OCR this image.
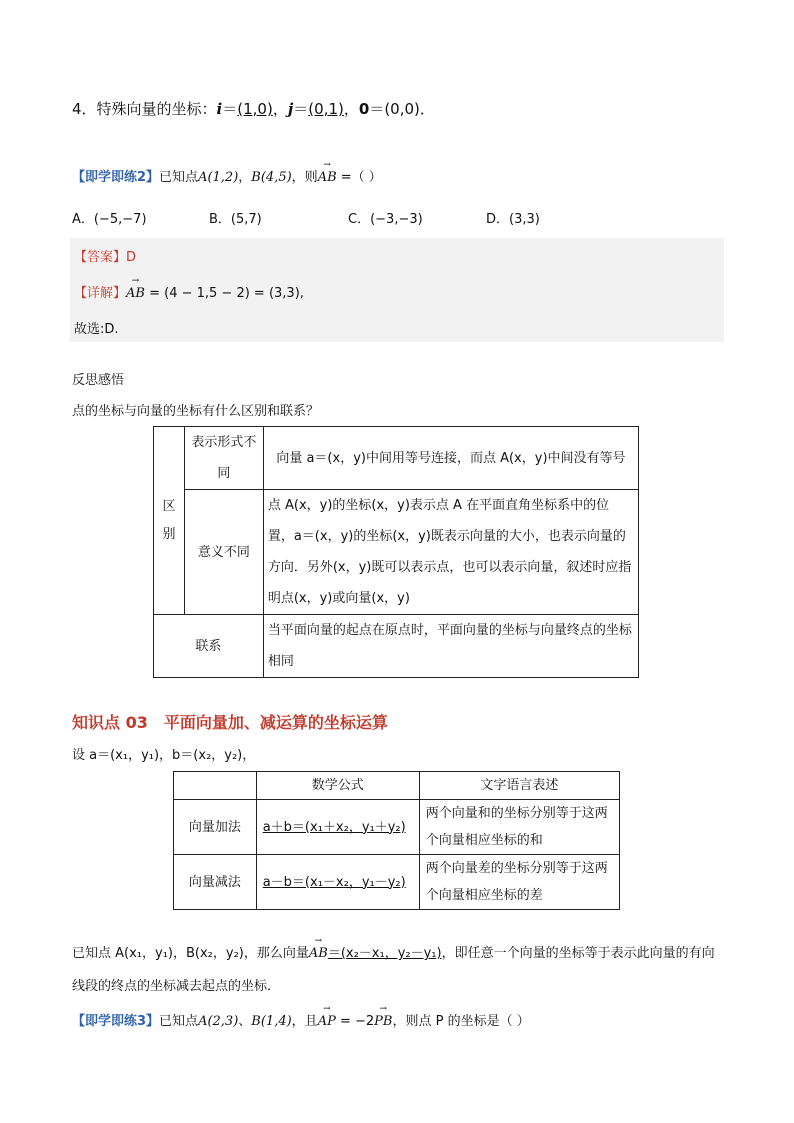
4．特殊向量的坐标：i＝(1,0)，j＝(0,1)，0＝(0,0)．
【即学即练2】已知点A(1,2)，B(4,5)，则→ AB =（ ）
A．(−5,−7)	B．(5,7)	C．(−3,−3)	D．(3,3)
【答案】D
【详解】→ AB = (4 − 1,5 − 2) = (3,3),
故选:D.
反思感悟
点的坐标与向量的坐标有什么区别和联系？
区
别	表示形式不同	向量 a＝(x，y)中间用等号连接，而点 A(x，y)中间没有等号
	意义不同	点 A(x，y)的坐标(x，y)表示点 A 在平面直角坐标系中的位置，a＝(x，y)的坐标(x，y)既表示向量的大小，也表示向量的方向．另外(x，y)既可以表示点，也可以表示向量，叙述时应指明点(x，y)或向量(x，y)
联系		当平面向量的起点在原点时，平面向量的坐标与向量终点的坐标相同
知识点 03　平面向量加、减运算的坐标运算
设 a＝(x₁，y₁)，b＝(x₂，y₂)，
	数学公式	文字语言表述
向量加法	a＋b＝(x₁＋x₂，y₁＋y₂)	两个向量和的坐标分别等于这两个向量相应坐标的和
向量减法	a－b＝(x₁－x₂，y₁－y₂)	两个向量差的坐标分别等于这两个向量相应坐标的差
已知点 A(x₁，y₁)，B(x₂，y₂)，那么向量→ AB＝(x₂－x₁，y₂－y₁)，即任意一个向量的坐标等于表示此向量的有向
线段的终点的坐标减去起点的坐标．
【即学即练3】已知点A(2,3)、B(1,4)，且→ AP = −2→ PB，则点 P 的坐标是（ ）
